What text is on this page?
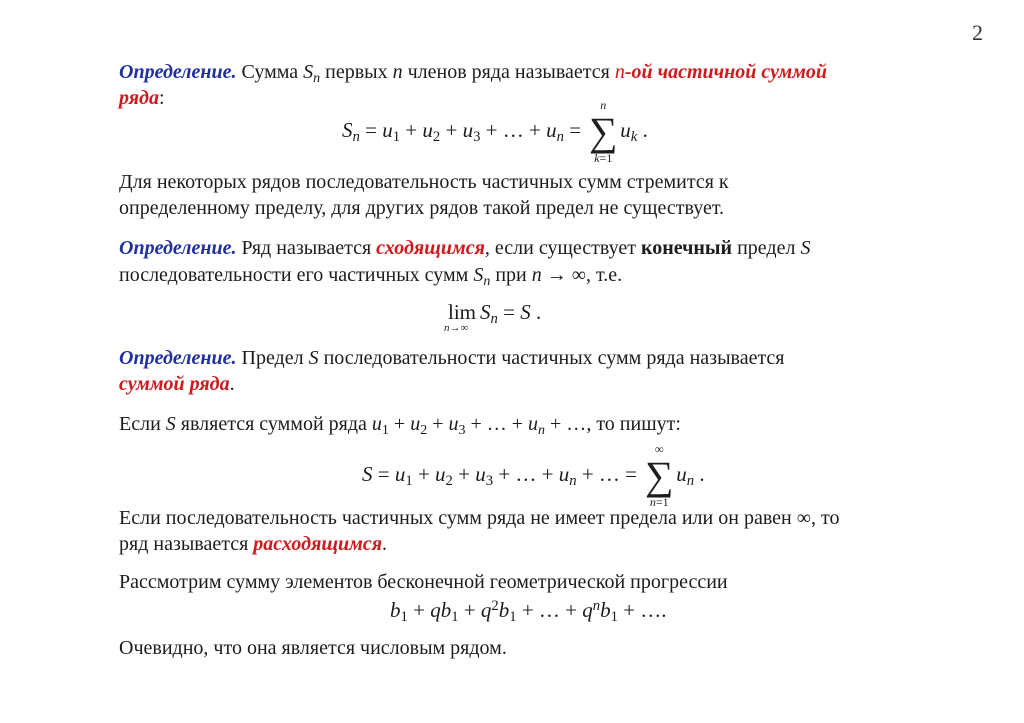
2
Определение. Сумма $S_n$ первых n членов ряда называется n-ой частичной суммой
ряда:
$S_n = u_1 + u_2 + u_3$ + … + $u_n$ =
n
∑
k=1
$u_k$ .
Для некоторых рядов последовательность частичных сумм стремится к
определенному пределу, для других рядов такой предел не существует.
Определение. Ряд называется сходящимся, если существует конечный предел S
последовательности его частичных сумм $S_n$ при n → ∞, т.е.
lim
n→∞
$S_n = S$ .
Определение. Предел S последовательности частичных сумм ряда называется
суммой ряда.
Если S является суммой ряда $u_1 + u_2 + u_3$ + … + $u_n$ + …, то пишут:
$S = u_1 + u_2 + u_3$ + … + $u_n$ + … =
∞
∑
n=1
$u_n$ .
Если последовательность частичных сумм ряда не имеет предела или он равен ∞, то
ряд называется расходящимся.
Рассмотрим сумму элементов бесконечной геометрической прогрессии
$b_1 + qb_1 + q^2b_1$ + … + $q^nb_1$ + ….
Очевидно, что она является числовым рядом.
